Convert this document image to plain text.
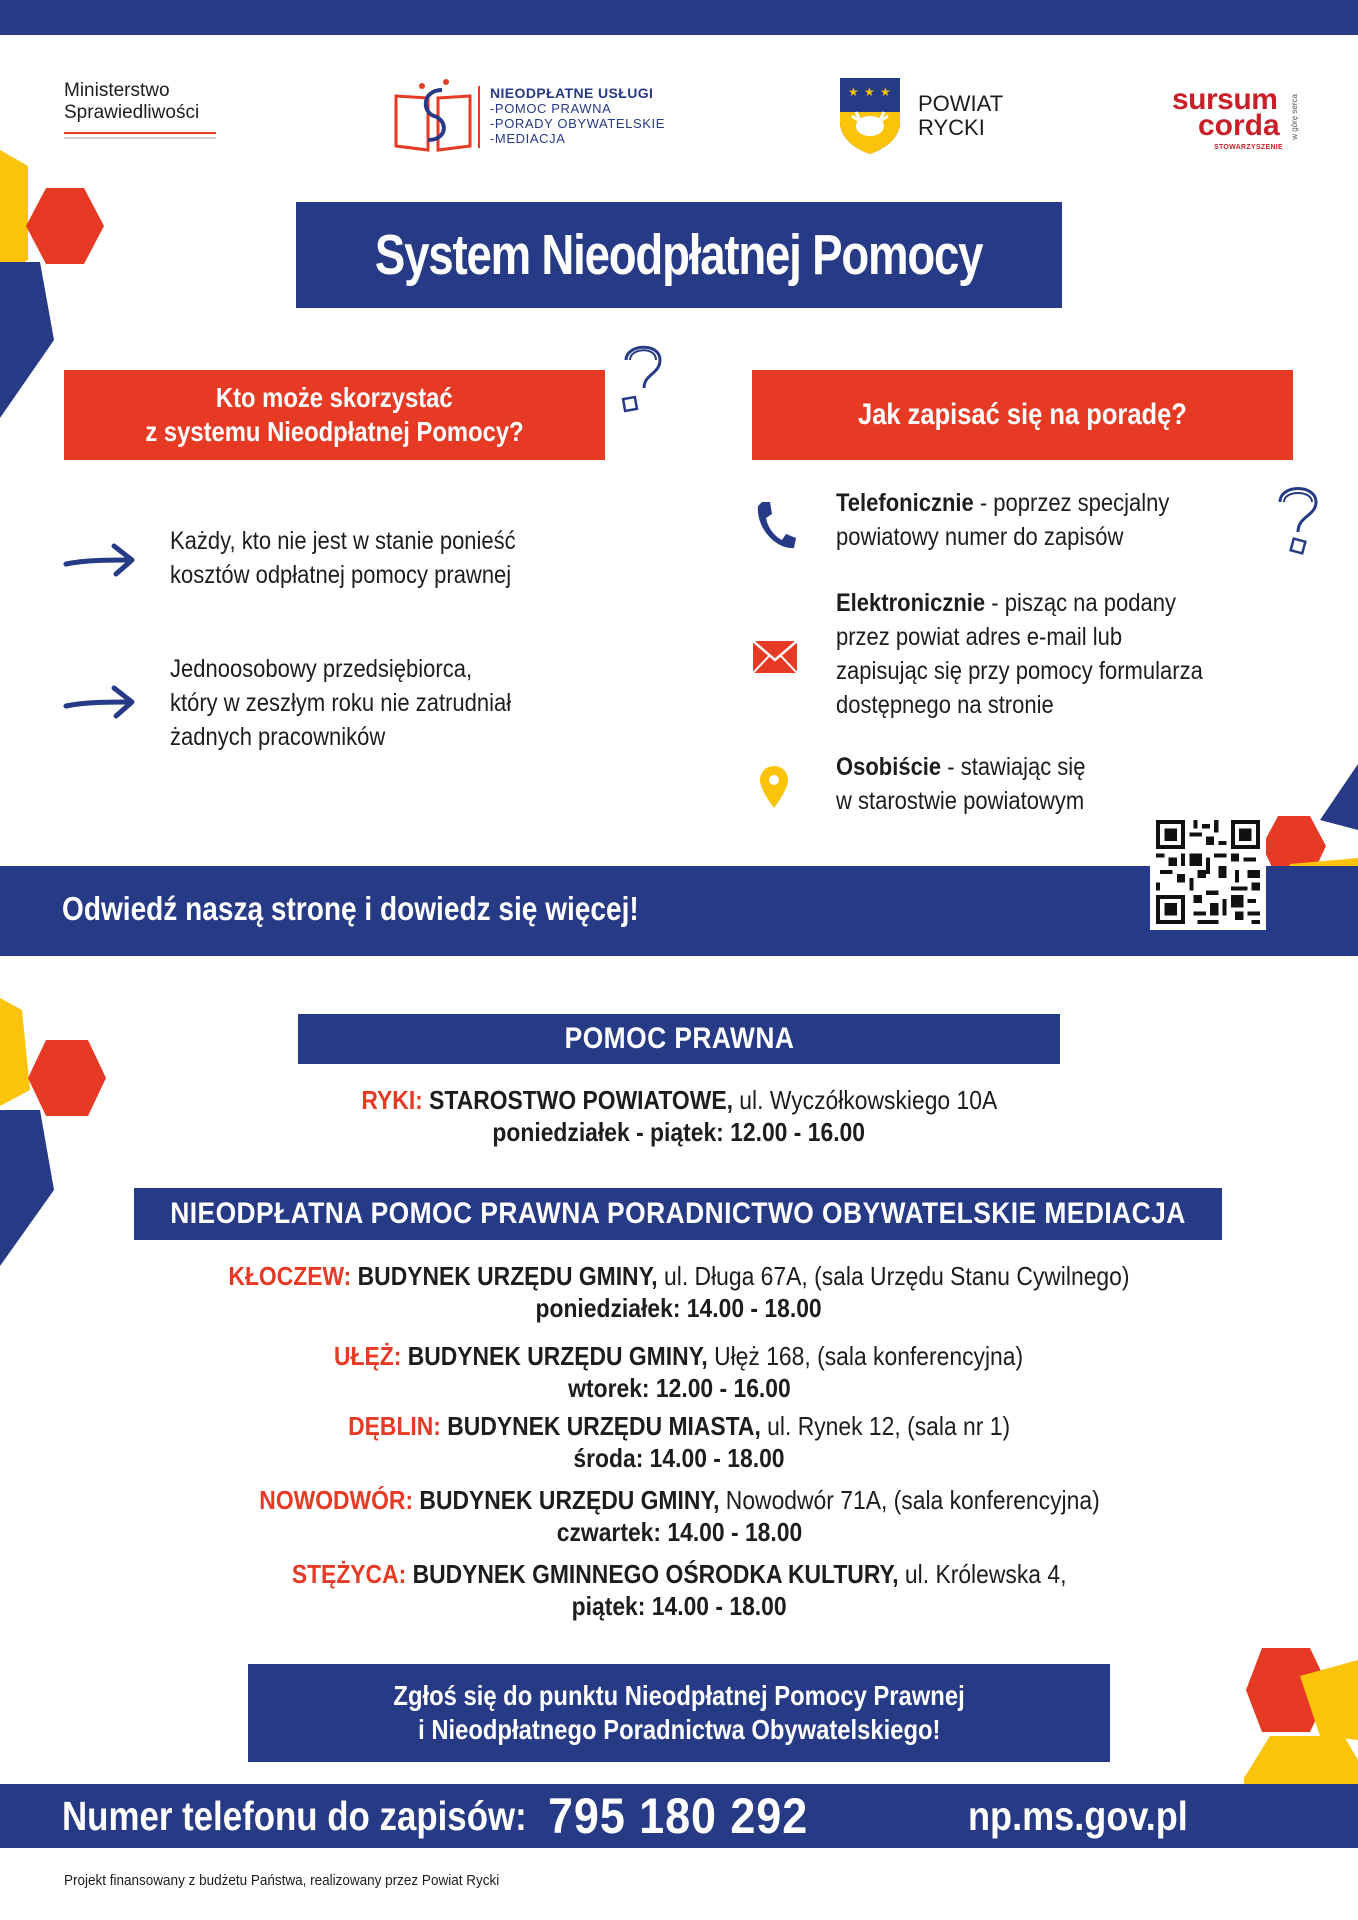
Ministerstwo
Sprawiedliwości
NIEODPŁATNE USŁUGI
-POMOC PRAWNA
-PORADY OBYWATELSKIE
-MEDIACJA
★ ★ ★ POWIAT
RYCKI
sursum
corda
STOWARZYSZENIE
w górę serca
System Nieodpłatnej Pomocy
Kto może skorzystać
z systemu Nieodpłatnej Pomocy?
Jak zapisać się na poradę?
Każdy, kto nie jest w stanie ponieść
kosztów odpłatnej pomocy prawnej
Jednoosobowy przedsiębiorca,
który w zeszłym roku nie zatrudniał
żadnych pracowników
Telefonicznie - poprzez specjalny
powiatowy numer do zapisów
Elektronicznie - pisząc na podany
przez powiat adres e-mail lub
zapisując się przy pomocy formularza
dostępnego na stronie
Osobiście - stawiając się
w starostwie powiatowym
Odwiedź naszą stronę i dowiedz się więcej!
POMOC PRAWNA
RYKI: STAROSTWO POWIATOWE, ul. Wyczółkowskiego 10A
poniedziałek - piątek: 12.00 - 16.00
NIEODPŁATNA POMOC PRAWNA PORADNICTWO OBYWATELSKIE MEDIACJA
KŁOCZEW: BUDYNEK URZĘDU GMINY, ul. Długa 67A, (sala Urzędu Stanu Cywilnego)
poniedziałek: 14.00 - 18.00
UŁĘŻ: BUDYNEK URZĘDU GMINY, Ułęż 168, (sala konferencyjna)
wtorek: 12.00 - 16.00
DĘBLIN: BUDYNEK URZĘDU MIASTA, ul. Rynek 12, (sala nr 1)
środa: 14.00 - 18.00
NOWODWÓR: BUDYNEK URZĘDU GMINY, Nowodwór 71A, (sala konferencyjna)
czwartek: 14.00 - 18.00
STĘŻYCA: BUDYNEK GMINNEGO OŚRODKA KULTURY, ul. Królewska 4,
piątek: 14.00 - 18.00
Zgłoś się do punktu Nieodpłatnej Pomocy Prawnej
i Nieodpłatnego Poradnictwa Obywatelskiego!
Numer telefonu do zapisów: 795 180 292	np.ms.gov.pl
Projekt finansowany z budżetu Państwa, realizowany przez Powiat Rycki
